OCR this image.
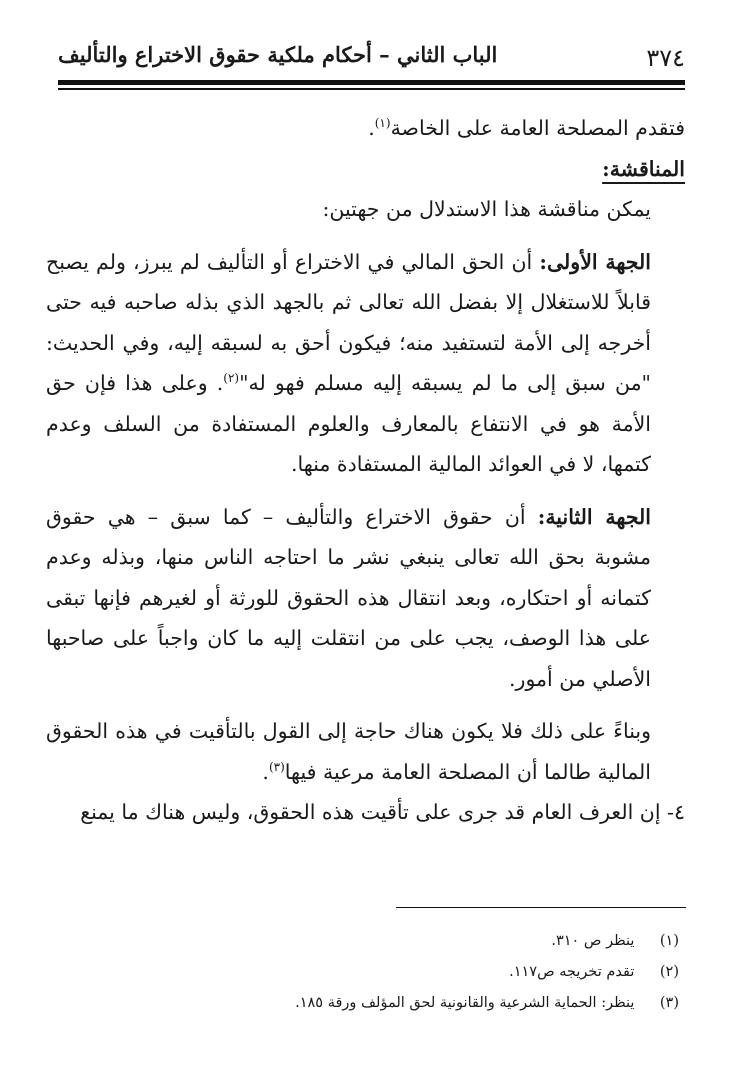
٣٧٤
الباب الثاني – أحكام ملكية حقوق الاختراع والتأليف

فتقدم المصلحة العامة على الخاصة$^{(١)}$.

المناقشة:

يمكن مناقشة هذا الاستدلال من جهتين:

الجهة الأولى: أن الحق المالي في الاختراع أو التأليف لم يبرز، ولم يصبح قابلاً للاستغلال إلا بفضل الله تعالى ثم بالجهد الذي بذله صاحبه فيه حتى أخرجه إلى الأمة لتستفيد منه؛ فيكون أحق به لسبقه إليه، وفي الحديث: "من سبق إلى ما لم يسبقه إليه مسلم فهو له"$^{(٢)}$. وعلى هذا فإن حق الأمة هو في الانتفاع بالمعارف والعلوم المستفادة من السلف وعدم كتمها، لا في العوائد المالية المستفادة منها.

الجهة الثانية: أن حقوق الاختراع والتأليف – كما سبق – هي حقوق مشوبة بحق الله تعالى ينبغي نشر ما احتاجه الناس منها، وبذله وعدم كتمانه أو احتكاره، وبعد انتقال هذه الحقوق للورثة أو لغيرهم فإنها تبقى على هذا الوصف، يجب على من انتقلت إليه ما كان واجباً على صاحبها الأصلي من أمور.

وبناءً على ذلك فلا يكون هناك حاجة إلى القول بالتأقيت في هذه الحقوق المالية طالما أن المصلحة العامة مرعية فيها$^{(٣)}$.

٤- إن العرف العام قد جرى على تأقيت هذه الحقوق، وليس هناك ما يمنع

(١) ينظر ص ٣١٠.
(٢) تقدم تخريجه ص١١٧.
(٣) ينظر: الحماية الشرعية والقانونية لحق المؤلف ورقة ١٨٥.
